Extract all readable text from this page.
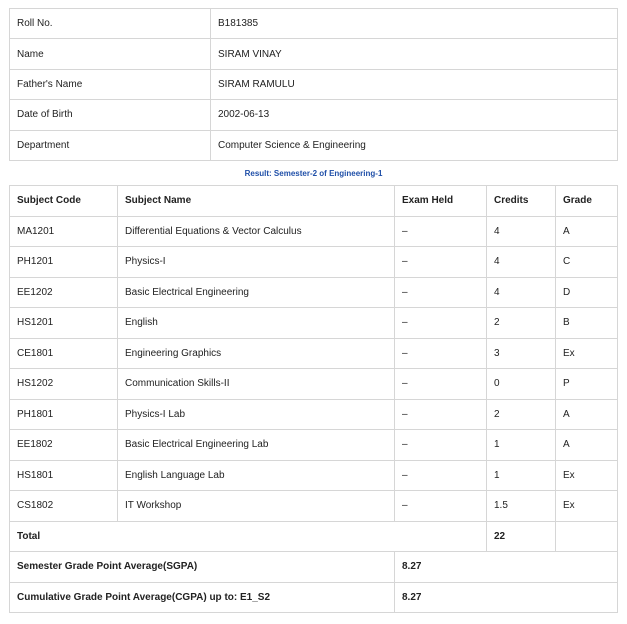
Roll No.	B181385
Name	SIRAM VINAY
Father's Name	SIRAM RAMULU
Date of Birth	2002-06-13
Department	Computer Science & Engineering
Result: Semester-2 of Engineering-1
Subject Code	Subject Name	Exam Held	Credits	Grade
MA1201	Differential Equations & Vector Calculus	–	4	A
PH1201	Physics-I	–	4	C
EE1202	Basic Electrical Engineering	–	4	D
HS1201	English	–	2	B
CE1801	Engineering Graphics	–	3	Ex
HS1202	Communication Skills-II	–	0	P
PH1801	Physics-I Lab	–	2	A
EE1802	Basic Electrical Engineering Lab	–	1	A
HS1801	English Language Lab	–	1	Ex
CS1802	IT Workshop	–	1.5	Ex
Total			22	
Semester Grade Point Average(SGPA)		8.27		
Cumulative Grade Point Average(CGPA) up to: E1_S2		8.27		
